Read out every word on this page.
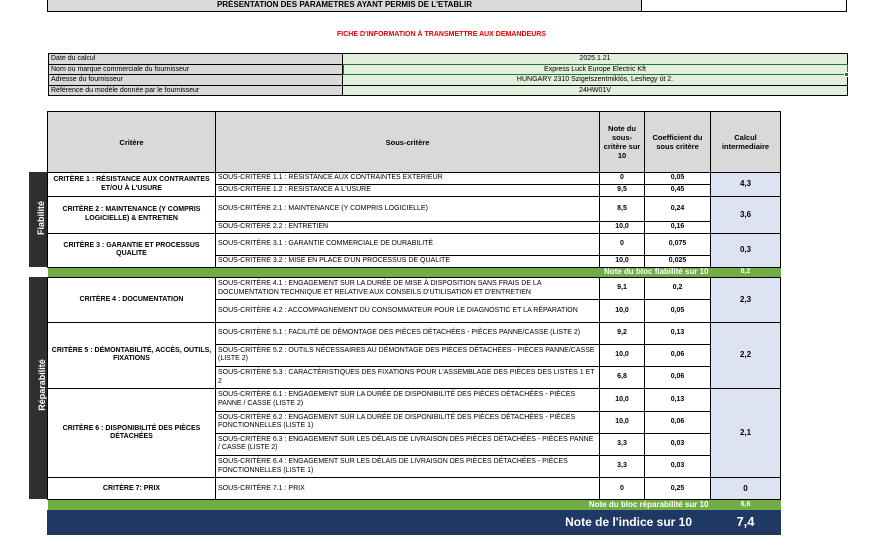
PRÉSENTATION DES PARAMETRES AYANT PERMIS DE L'ETABLIR
FICHE D'INFORMATION À TRANSMETTRE AUX DEMANDEURS
Date du calcul	2025.1.21
Nom ou marque commerciale du fournisseur	Express Luck Europe Electric Kft
Adresse du fournisseur	HUNGARY 2310 Szigetszentmiklós, Leshegy út 2.
Référence du modèle donnée par le fournisseur	24HW01V
Critère	Sous-critère	Note du sous-critère sur 10	Coefficient du sous critère	Calcul intermediaire
CRITÈRE 1 : RÉSISTANCE AUX CONTRAINTES ET/OU À L'USURE	SOUS-CRITÈRE 1.1 : RÉSISTANCE AUX CONTRAINTES EXTERIEUR	0	0,05	4,3
	SOUS-CRITÈRE 1.2 : RESISTANCE À L'USURE	9,5	0,45	
CRITÈRE 2 : MAINTENANCE (Y COMPRIS LOGICIELLE) & ENTRETIEN	SOUS-CRITÈRE 2.1 : MAINTENANCE (Y COMPRIS LOGICIELLE)	8,5	0,24	3,6
	SOUS-CRITÈRE 2.2 : ENTRETIEN	10,0	0,16	
CRITÈRE 3 : GARANTIE ET PROCESSUS QUALITE	SOUS-CRITÈRE 3.1 : GARANTIE COMMERCIALE DE DURABILITÉ	0	0,075	0,3
	SOUS-CRITÈRE 3.2 : MISE EN PLACE D'UN PROCESSUS DE QUALITE	10,0	0,025	
Note du bloc fiabilité sur 10				8,2
CRITÈRE 4 : DOCUMENTATION	SOUS-CRITÈRE 4.1 : ENGAGEMENT SUR LA DURÉE DE MISE À DISPOSITION SANS FRAIS DE LA DOCUMENTATION TECHNIQUE ET RELATIVE AUX CONSEILS D'UTILISATION ET D'ENTRETIEN	9,1	0,2	2,3
	SOUS-CRITÈRE 4.2 : ACCOMPAGNEMENT DU CONSOMMATEUR POUR LE DIAGNOSTIC ET LA RÉPARATION	10,0	0,05	
CRITÈRE 5 : DÉMONTABILITÉ, ACCÈS, OUTILS, FIXATIONS	SOUS-CRITÈRE 5.1 : FACILITÉ DE DÉMONTAGE DES PIÈCES DÉTACHÉES - PIÈCES PANNE/CASSE (LISTE 2)	9,2	0,13	2,2
	SOUS-CRITÈRE 5.2 : OUTILS NÉCESSAIRES AU DÉMONTAGE DES PIÈCES DÉTACHÉES - PIÈCES PANNE/CASSE (LISTE 2)	10,0	0,06	
	SOUS-CRITÈRE 5.3 : CARACTÉRISTIQUES DES FIXATIONS POUR L'ASSEMBLAGE DES PIÈCES DES LISTES 1 ET 2	6,8	0,06	
CRITÈRE 6 : DISPONIBILITÉ DES PIÈCES DÉTACHÉES	SOUS-CRITÈRE 6.1 : ENGAGEMENT SUR LA DURÉE DE DISPONIBILITÉ DES PIÈCES DÉTACHÉES - PIÈCES PANNE / CASSE (LISTE 2)	10,0	0,13	2,1
	SOUS-CRITÈRE 6.2 : ENGAGEMENT SUR LA DURÉE DE DISPONIBILITÉ DES PIÈCES DÉTACHÉES - PIÈCES FONCTIONNELLES (LISTE 1)	10,0	0,06	
	SOUS-CRITÈRE 6.3 : ENGAGEMENT SUR LES DÉLAIS DE LIVRAISON DES PIÈCES DÉTACHÉES - PIÈCES PANNE / CASSE (LISTE 2)	3,3	0,03	
	SOUS-CRITÈRE 6.4 : ENGAGEMENT SUR LES DÉLAIS DE LIVRAISON DES PIÈCES DÉTACHÉES - PIÈCES FONCTIONNELLES (LISTE 1)	3,3	0,03	
CRITÈRE 7: PRIX	SOUS-CRITÈRE 7.1 : PRIX	0	0,25	0
Note du bloc réparabilité sur 10				6,6
Note de l'indice sur 10				7,4
Fiabilité
Réparabilité
